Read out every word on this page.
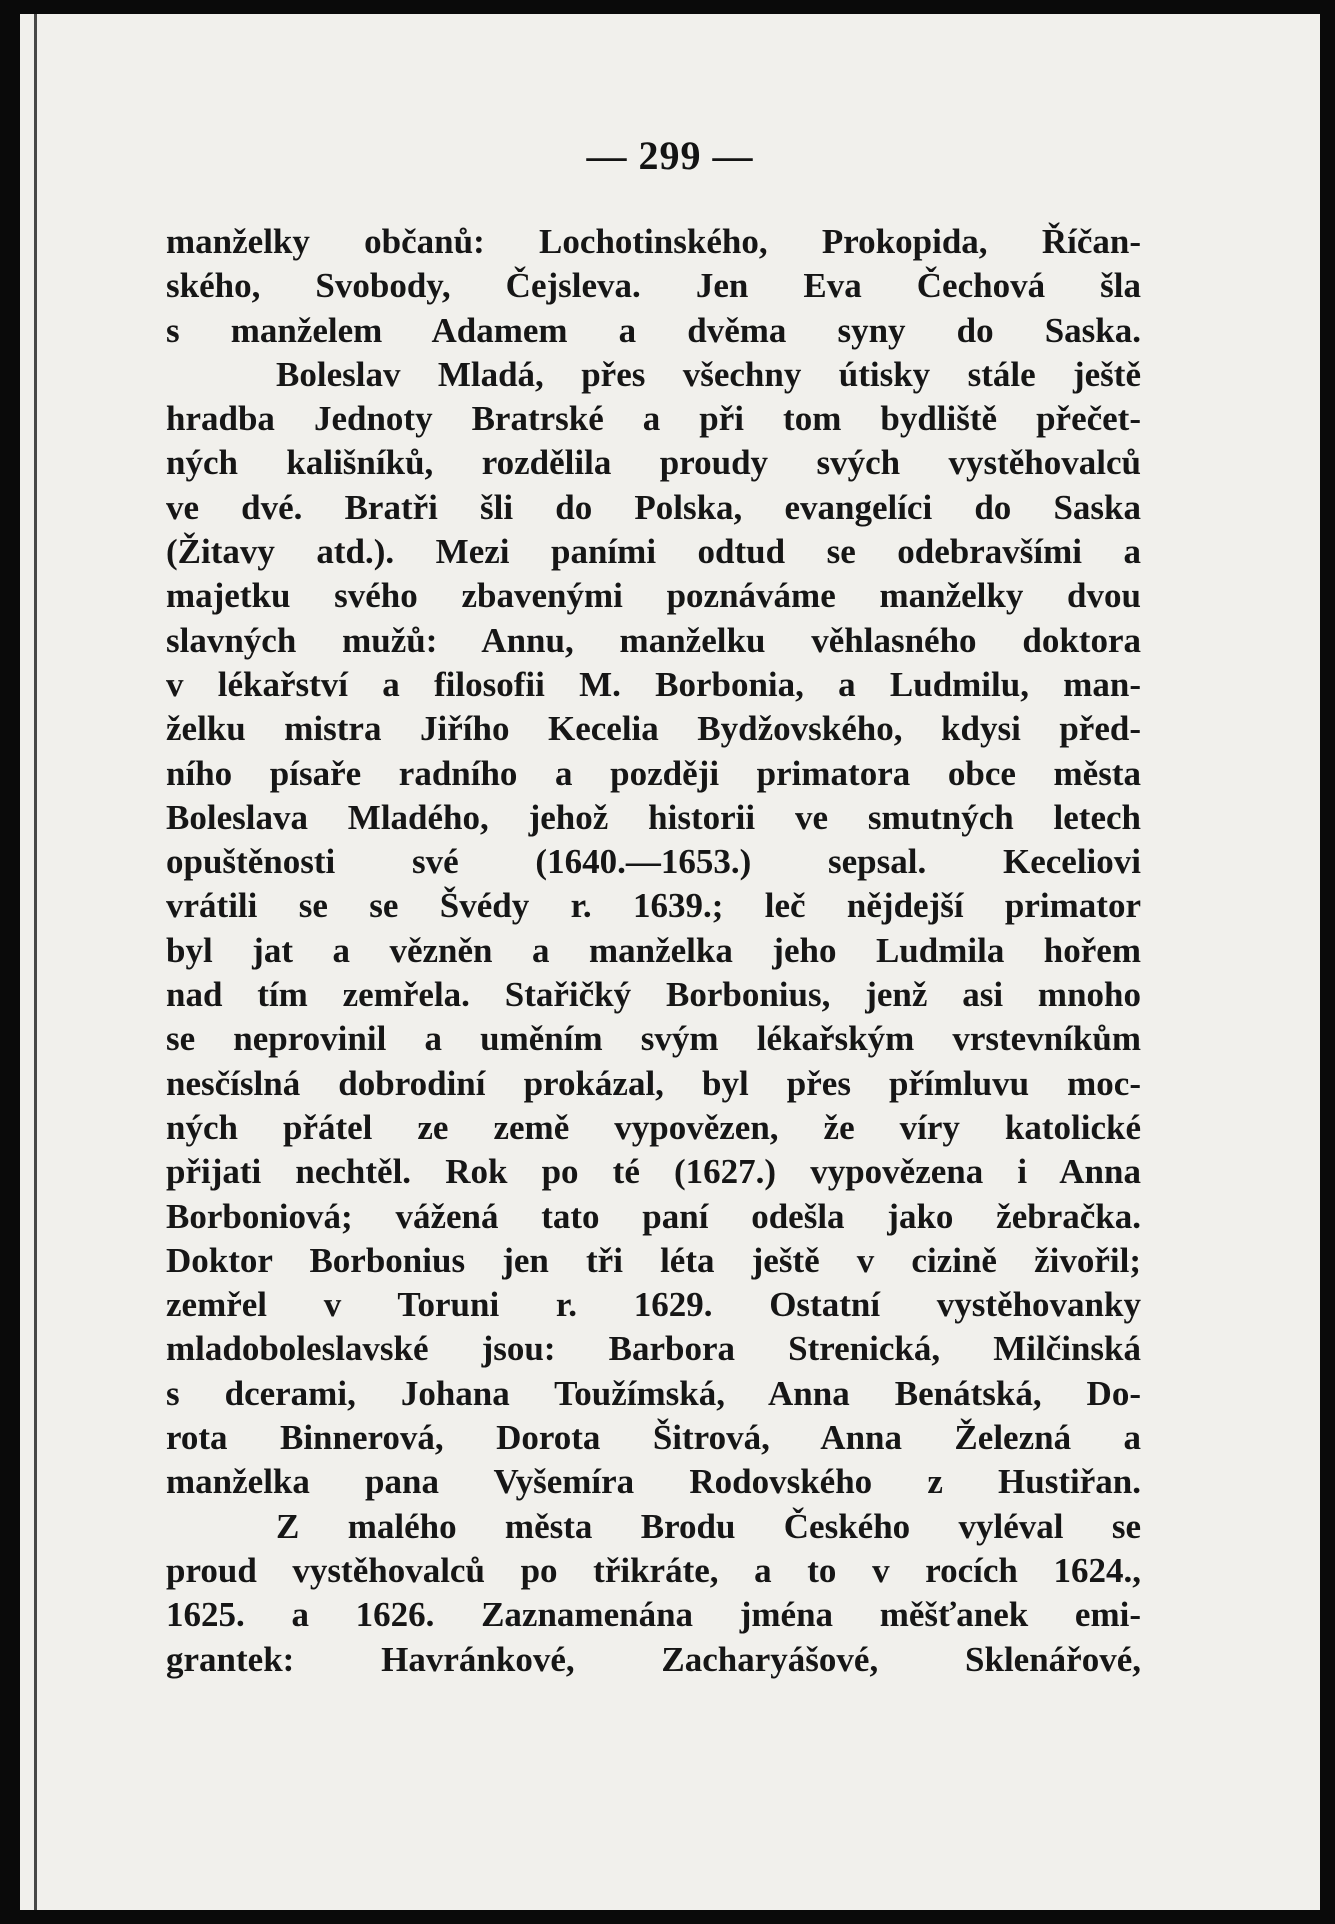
— 299 —
manželky občanů: Lochotinského, Prokopida, Říčan-
ského, Svobody, Čejsleva. Jen Eva Čechová šla
s manželem Adamem a dvěma syny do Saska.
Boleslav Mladá, přes všechny útisky stále ještě
hradba Jednoty Bratrské a při tom bydliště přečet-
ných kališníků, rozdělila proudy svých vystěhovalců
ve dvé. Bratři šli do Polska, evangelíci do Saska
(Žitavy atd.). Mezi paními odtud se odebravšími a
majetku svého zbavenými poznáváme manželky dvou
slavných mužů: Annu, manželku věhlasného doktora
v lékařství a filosofii M. Borbonia, a Ludmilu, man-
želku mistra Jiřího Kecelia Bydžovského, kdysi před-
ního písaře radního a později primatora obce města
Boleslava Mladého, jehož historii ve smutných letech
opuštěnosti své (1640.—1653.) sepsal. Keceliovi
vrátili se se Švédy r. 1639.; leč nějdejší primator
byl jat a vězněn a manželka jeho Ludmila hořem
nad tím zemřela. Stařičký Borbonius, jenž asi mnoho
se neprovinil a uměním svým lékařským vrstevníkům
nesčíslná dobrodiní prokázal, byl přes přímluvu moc-
ných přátel ze země vypovězen, že víry katolické
přijati nechtěl. Rok po té (1627.) vypovězena i Anna
Borboniová; vážená tato paní odešla jako žebračka.
Doktor Borbonius jen tři léta ještě v cizině živořil;
zemřel v Toruni r. 1629. Ostatní vystěhovanky
mladoboleslavské jsou: Barbora Strenická, Milčinská
s dcerami, Johana Toužímská, Anna Benátská, Do-
rota Binnerová, Dorota Šitrová, Anna Železná a
manželka pana Vyšemíra Rodovského z Hustiřan.
Z malého města Brodu Českého vyléval se
proud vystěhovalců po třikráte, a to v rocích 1624.,
1625. a 1626. Zaznamenána jména měšťanek emi-
grantek: Havránkové, Zacharyášové, Sklenářové,
